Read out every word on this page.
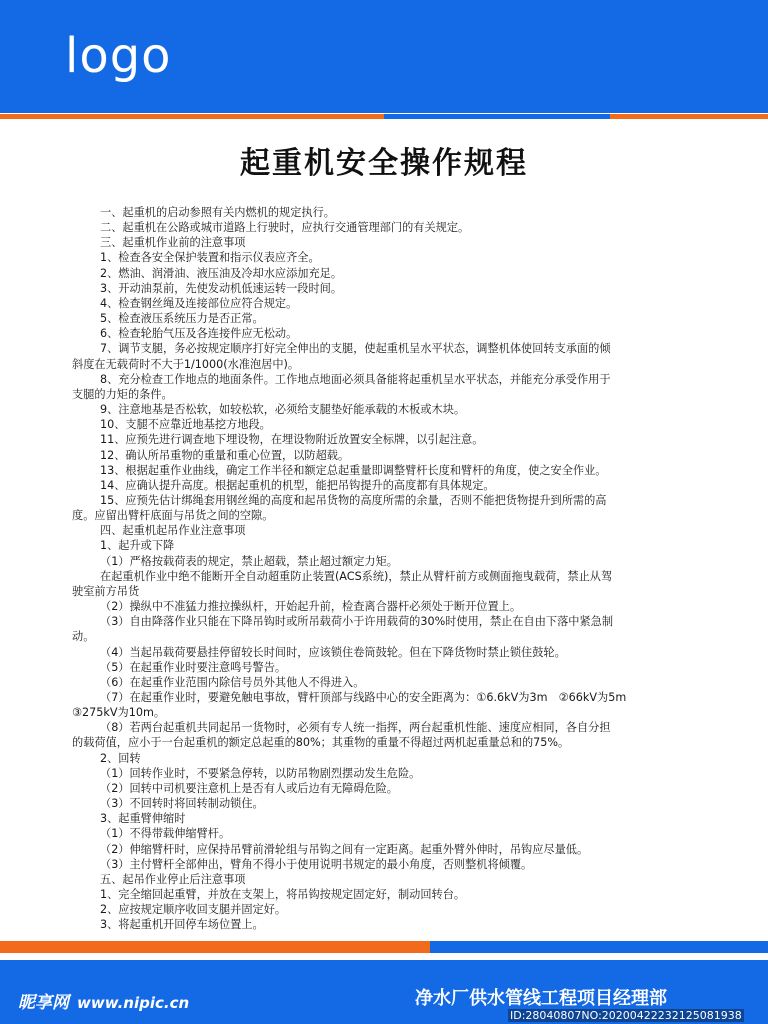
logo
起重机安全操作规程
一、起重机的启动参照有关内燃机的规定执行。
二、起重机在公路或城市道路上行驶时，应执行交通管理部门的有关规定。
三、起重机作业前的注意事项
1、检查各安全保护装置和指示仪表应齐全。
2、燃油、润滑油、液压油及冷却水应添加充足。
3、开动油泵前，先使发动机低速运转一段时间。
4、检查钢丝绳及连接部位应符合规定。
5、检查液压系统压力是否正常。
6、检查轮胎气压及各连接件应无松动。
7、调节支腿，务必按规定顺序打好完全伸出的支腿，使起重机呈水平状态，调整机体使回转支承面的倾
斜度在无载荷时不大于1/1000(水准泡居中)。
8、充分检查工作地点的地面条件。工作地点地面必须具备能将起重机呈水平状态，并能充分承受作用于
支腿的力矩的条件。
9、注意地基是否松软，如较松软，必须给支腿垫好能承载的木板或木块。
10、支腿不应靠近地基挖方地段。
11、应预先进行调查地下埋设物，在埋设物附近放置安全标牌，以引起注意。
12、确认所吊重物的重量和重心位置，以防超载。
13、根据起重作业曲线，确定工作半径和额定总起重量即调整臂杆长度和臂杆的角度，使之安全作业。
14、应确认提升高度。根据起重机的机型，能把吊钩提升的高度都有具体规定。
15、应预先估计绑绳套用钢丝绳的高度和起吊货物的高度所需的余量，否则不能把货物提升到所需的高
度。应留出臂杆底面与吊货之间的空隙。
四、起重机起吊作业注意事项
1、起升或下降
（1）严格按载荷表的规定，禁止超载，禁止超过额定力矩。
在起重机作业中绝不能断开全自动超重防止装置(ACS系统)，禁止从臂杆前方或侧面拖曳载荷，禁止从驾
驶室前方吊货
（2）操纵中不准猛力推拉操纵杆，开始起升前，检查离合器杆必须处于断开位置上。
（3）自由降落作业只能在下降吊钩时或所吊载荷小于许用载荷的30%时使用，禁止在自由下落中紧急制
动。
（4）当起吊载荷要悬挂停留较长时间时，应该锁住卷筒鼓轮。但在下降货物时禁止锁住鼓轮。
（5）在起重作业时要注意鸣号警告。
（6）在起重作业范围内除信号员外其他人不得进入。
（7）在起重作业时，要避免触电事故，臂杆顶部与线路中心的安全距离为：①6.6kV为3m　②66kV为5m
③275kV为10m。
（8）若两台起重机共同起吊一货物时，必须有专人统一指挥，两台起重机性能、速度应相同，各自分担
的载荷值，应小于一台起重机的额定总起重的80%；其重物的重量不得超过两机起重量总和的75%。
2、回转
（1）回转作业时，不要紧急停转，以防吊物剧烈摆动发生危险。
（2）回转中司机要注意机上是否有人或后边有无障碍危险。
（3）不回转时将回转制动锁住。
3、起重臂伸缩时
（1）不得带载伸缩臂杆。
（2）伸缩臂杆时，应保持吊臂前滑轮组与吊钩之间有一定距离。起重外臂外伸时，吊钩应尽量低。
（3）主付臂杆全部伸出，臂角不得小于使用说明书规定的最小角度，否则整机将倾覆。
五、起吊作业停止后注意事项
1、完全缩回起重臂，并放在支架上，将吊钩按规定固定好，制动回转台。
2、应按规定顺序收回支腿并固定好。
3、将起重机开回停车场位置上。
昵享网 www.nipic.cn	净水厂供水管线工程项目经理部
ID:28040807NO:20200422232125081938
